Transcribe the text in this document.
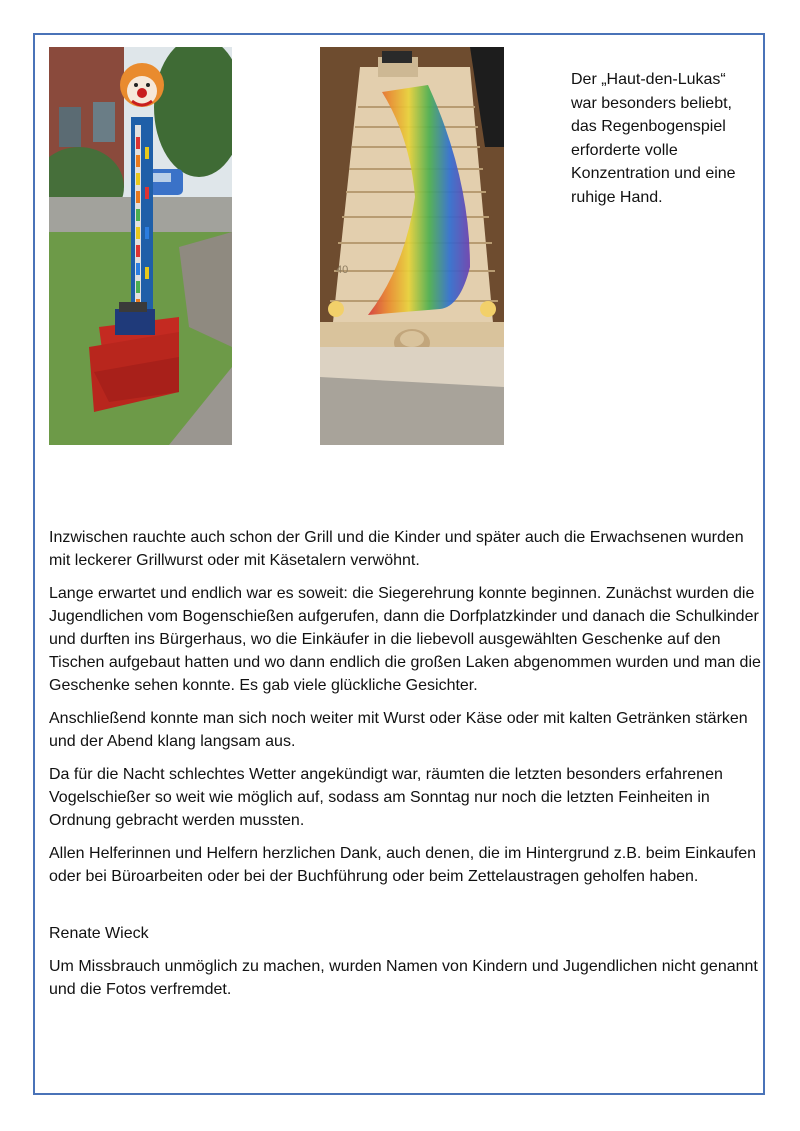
40

Der „Haut-den-Lukas“ war besonders beliebt, das Regenbogenspiel erforderte volle Konzentration und eine ruhige Hand.

Inzwischen rauchte auch schon der Grill und die Kinder und später auch die Erwachsenen wurden mit leckerer Grillwurst oder mit Käsetalern verwöhnt.

Lange erwartet und endlich war es soweit: die Siegerehrung konnte beginnen. Zunächst wurden die Jugendlichen vom Bogenschießen aufgerufen, dann die Dorfplatzkinder und danach die Schulkinder und durften ins Bürgerhaus, wo die Einkäufer in die liebevoll ausgewählten Geschenke auf den Tischen aufgebaut hatten und wo dann endlich die großen Laken abgenommen wurden und man die Geschenke sehen konnte. Es gab viele glückliche Gesichter.

Anschließend konnte man sich noch weiter mit Wurst oder Käse oder mit kalten Getränken stärken und der Abend klang langsam aus.

Da für die Nacht schlechtes Wetter angekündigt war, räumten die letzten besonders erfahrenen Vogelschießer so weit wie möglich auf, sodass am Sonntag nur noch die letzten Feinheiten in Ordnung gebracht werden mussten.

Allen Helferinnen und Helfern herzlichen Dank, auch denen, die im Hintergrund z.B. beim Einkaufen oder bei Büroarbeiten oder bei der Buchführung oder beim Zettelaustragen geholfen haben.

Renate Wieck

Um Missbrauch unmöglich zu machen, wurden Namen von Kindern und Jugendlichen nicht genannt und die Fotos verfremdet.
